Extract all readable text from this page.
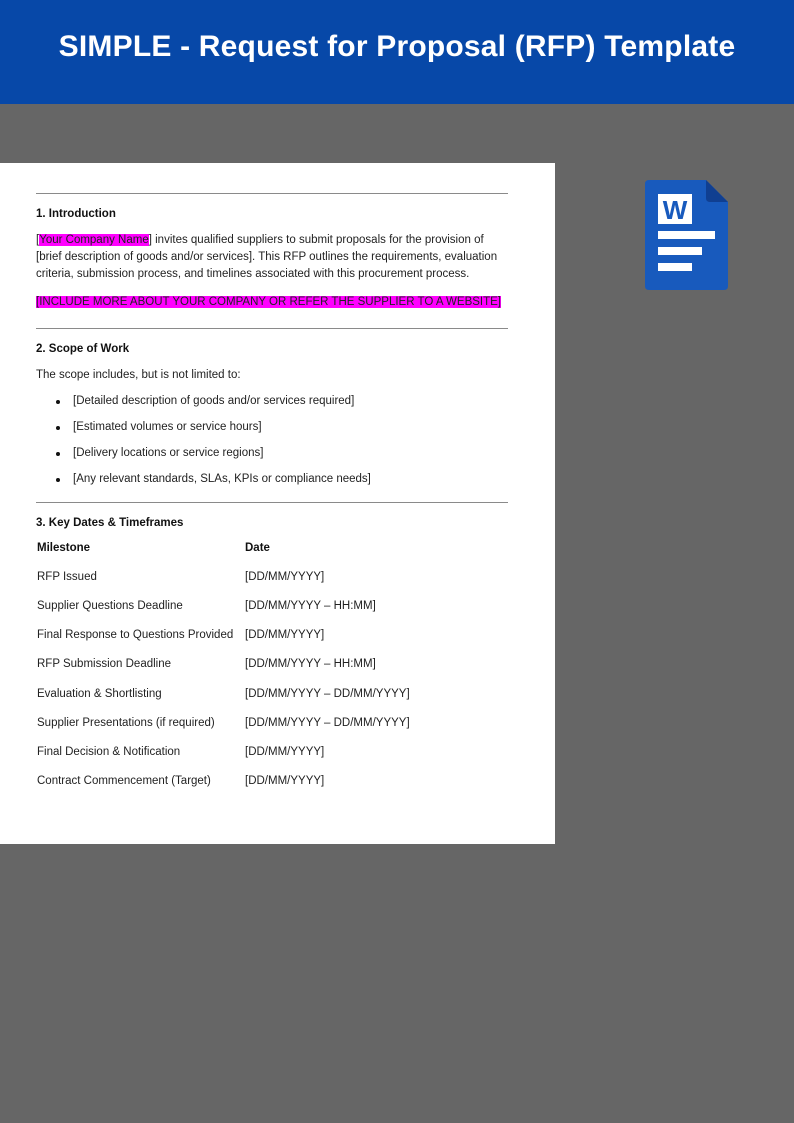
SIMPLE - Request for Proposal (RFP) Template
1. Introduction

[Your Company Name] invites qualified suppliers to submit proposals for the provision of [brief description of goods and/or services]. This RFP outlines the requirements, evaluation criteria, submission process, and timelines associated with this procurement process.

[INCLUDE MORE ABOUT YOUR COMPANY OR REFER THE SUPPLIER TO A WEBSITE]

2. Scope of Work

The scope includes, but is not limited to:

[Detailed description of goods and/or services required]
[Estimated volumes or service hours]
[Delivery locations or service regions]
[Any relevant standards, SLAs, KPIs or compliance needs]
3. Key Dates & Timeframes
Milestone	Date
RFP Issued	[DD/MM/YYYY]
Supplier Questions Deadline	[DD/MM/YYYY – HH:MM]
Final Response to Questions Provided	[DD/MM/YYYY]
RFP Submission Deadline	[DD/MM/YYYY – HH:MM]
Evaluation & Shortlisting	[DD/MM/YYYY – DD/MM/YYYY]
Supplier Presentations (if required)	[DD/MM/YYYY – DD/MM/YYYY]
Final Decision & Notification	[DD/MM/YYYY]
Contract Commencement (Target)	[DD/MM/YYYY]
W
